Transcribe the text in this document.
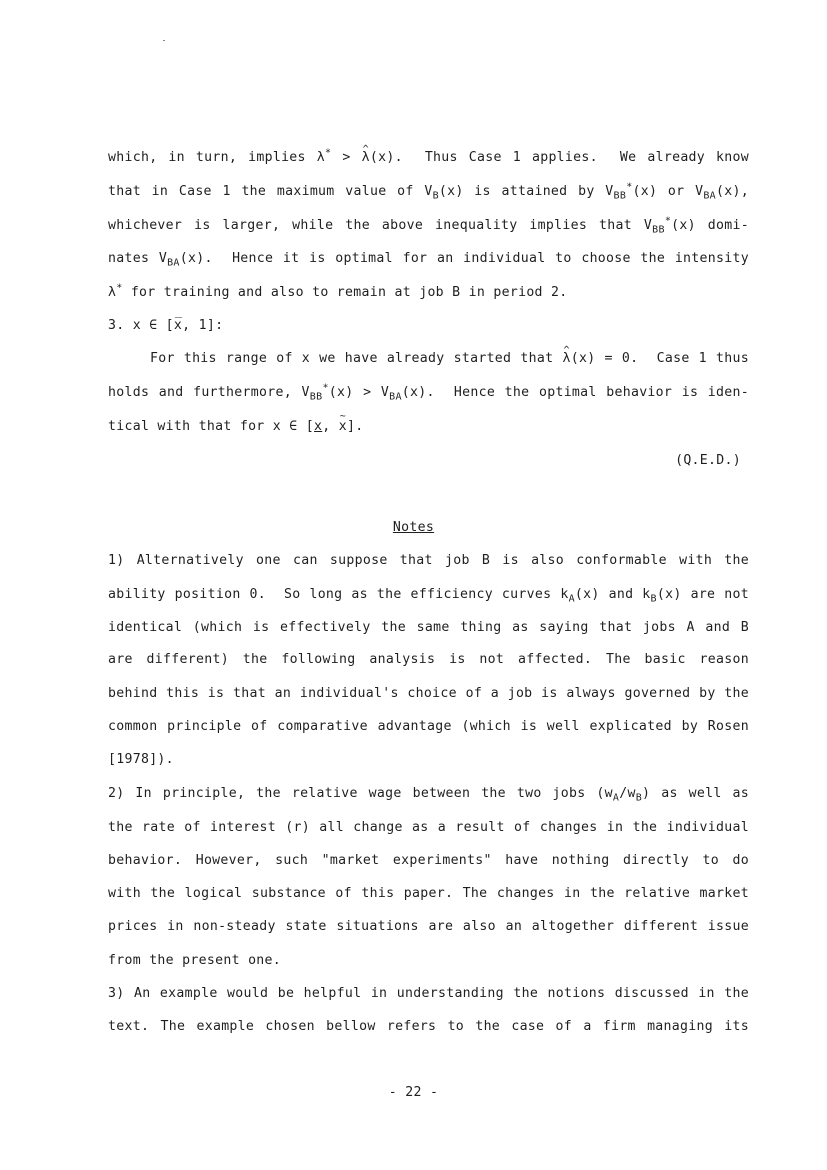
which, in turn, implies λ* > ^ λ(x).  Thus Case 1 applies.  We already know
that in Case 1 the maximum value of $V_B(x)$ is attained by $V_{BB}^*(x)$ or $V_{BA}(x)$,
whichever is larger, while the above inequality implies that $V_{BB}^*(x)$ domi-
nates $V_{BA}(x)$.  Hence it is optimal for an individual to choose the intensity
λ* for training and also to remain at job B in period 2.
3. x ∈ [_ x, 1]:
For this range of x we have already started that ^ λ(x) = 0.  Case 1 thus
holds and furthermore, $V_{BB}^*(x) > V_{BA}(x)$.  Hence the optimal behavior is iden-
tical with that for x ∈ [x, ~ x].
(Q.E.D.)
Notes
1) Alternatively one can suppose that job B is also conformable with the
ability position 0.  So long as the efficiency curves $k_A(x)$ and $k_B(x)$ are not
identical (which is effectively the same thing as saying that jobs A and B
are different) the following analysis is not affected. The basic reason
behind this is that an individual's choice of a job is always governed by the
common principle of comparative advantage (which is well explicated by Rosen
[1978]).
2) In principle, the relative wage between the two jobs $(w_A/w_B)$ as well as
the rate of interest (r) all change as a result of changes in the individual
behavior. However, such "market experiments" have nothing directly to do
with the logical substance of this paper. The changes in the relative market
prices in non-steady state situations are also an altogether different issue
from the present one.
3) An example would be helpful in understanding the notions discussed in the
text. The example chosen bellow refers to the case of a firm managing its
- 22 -
